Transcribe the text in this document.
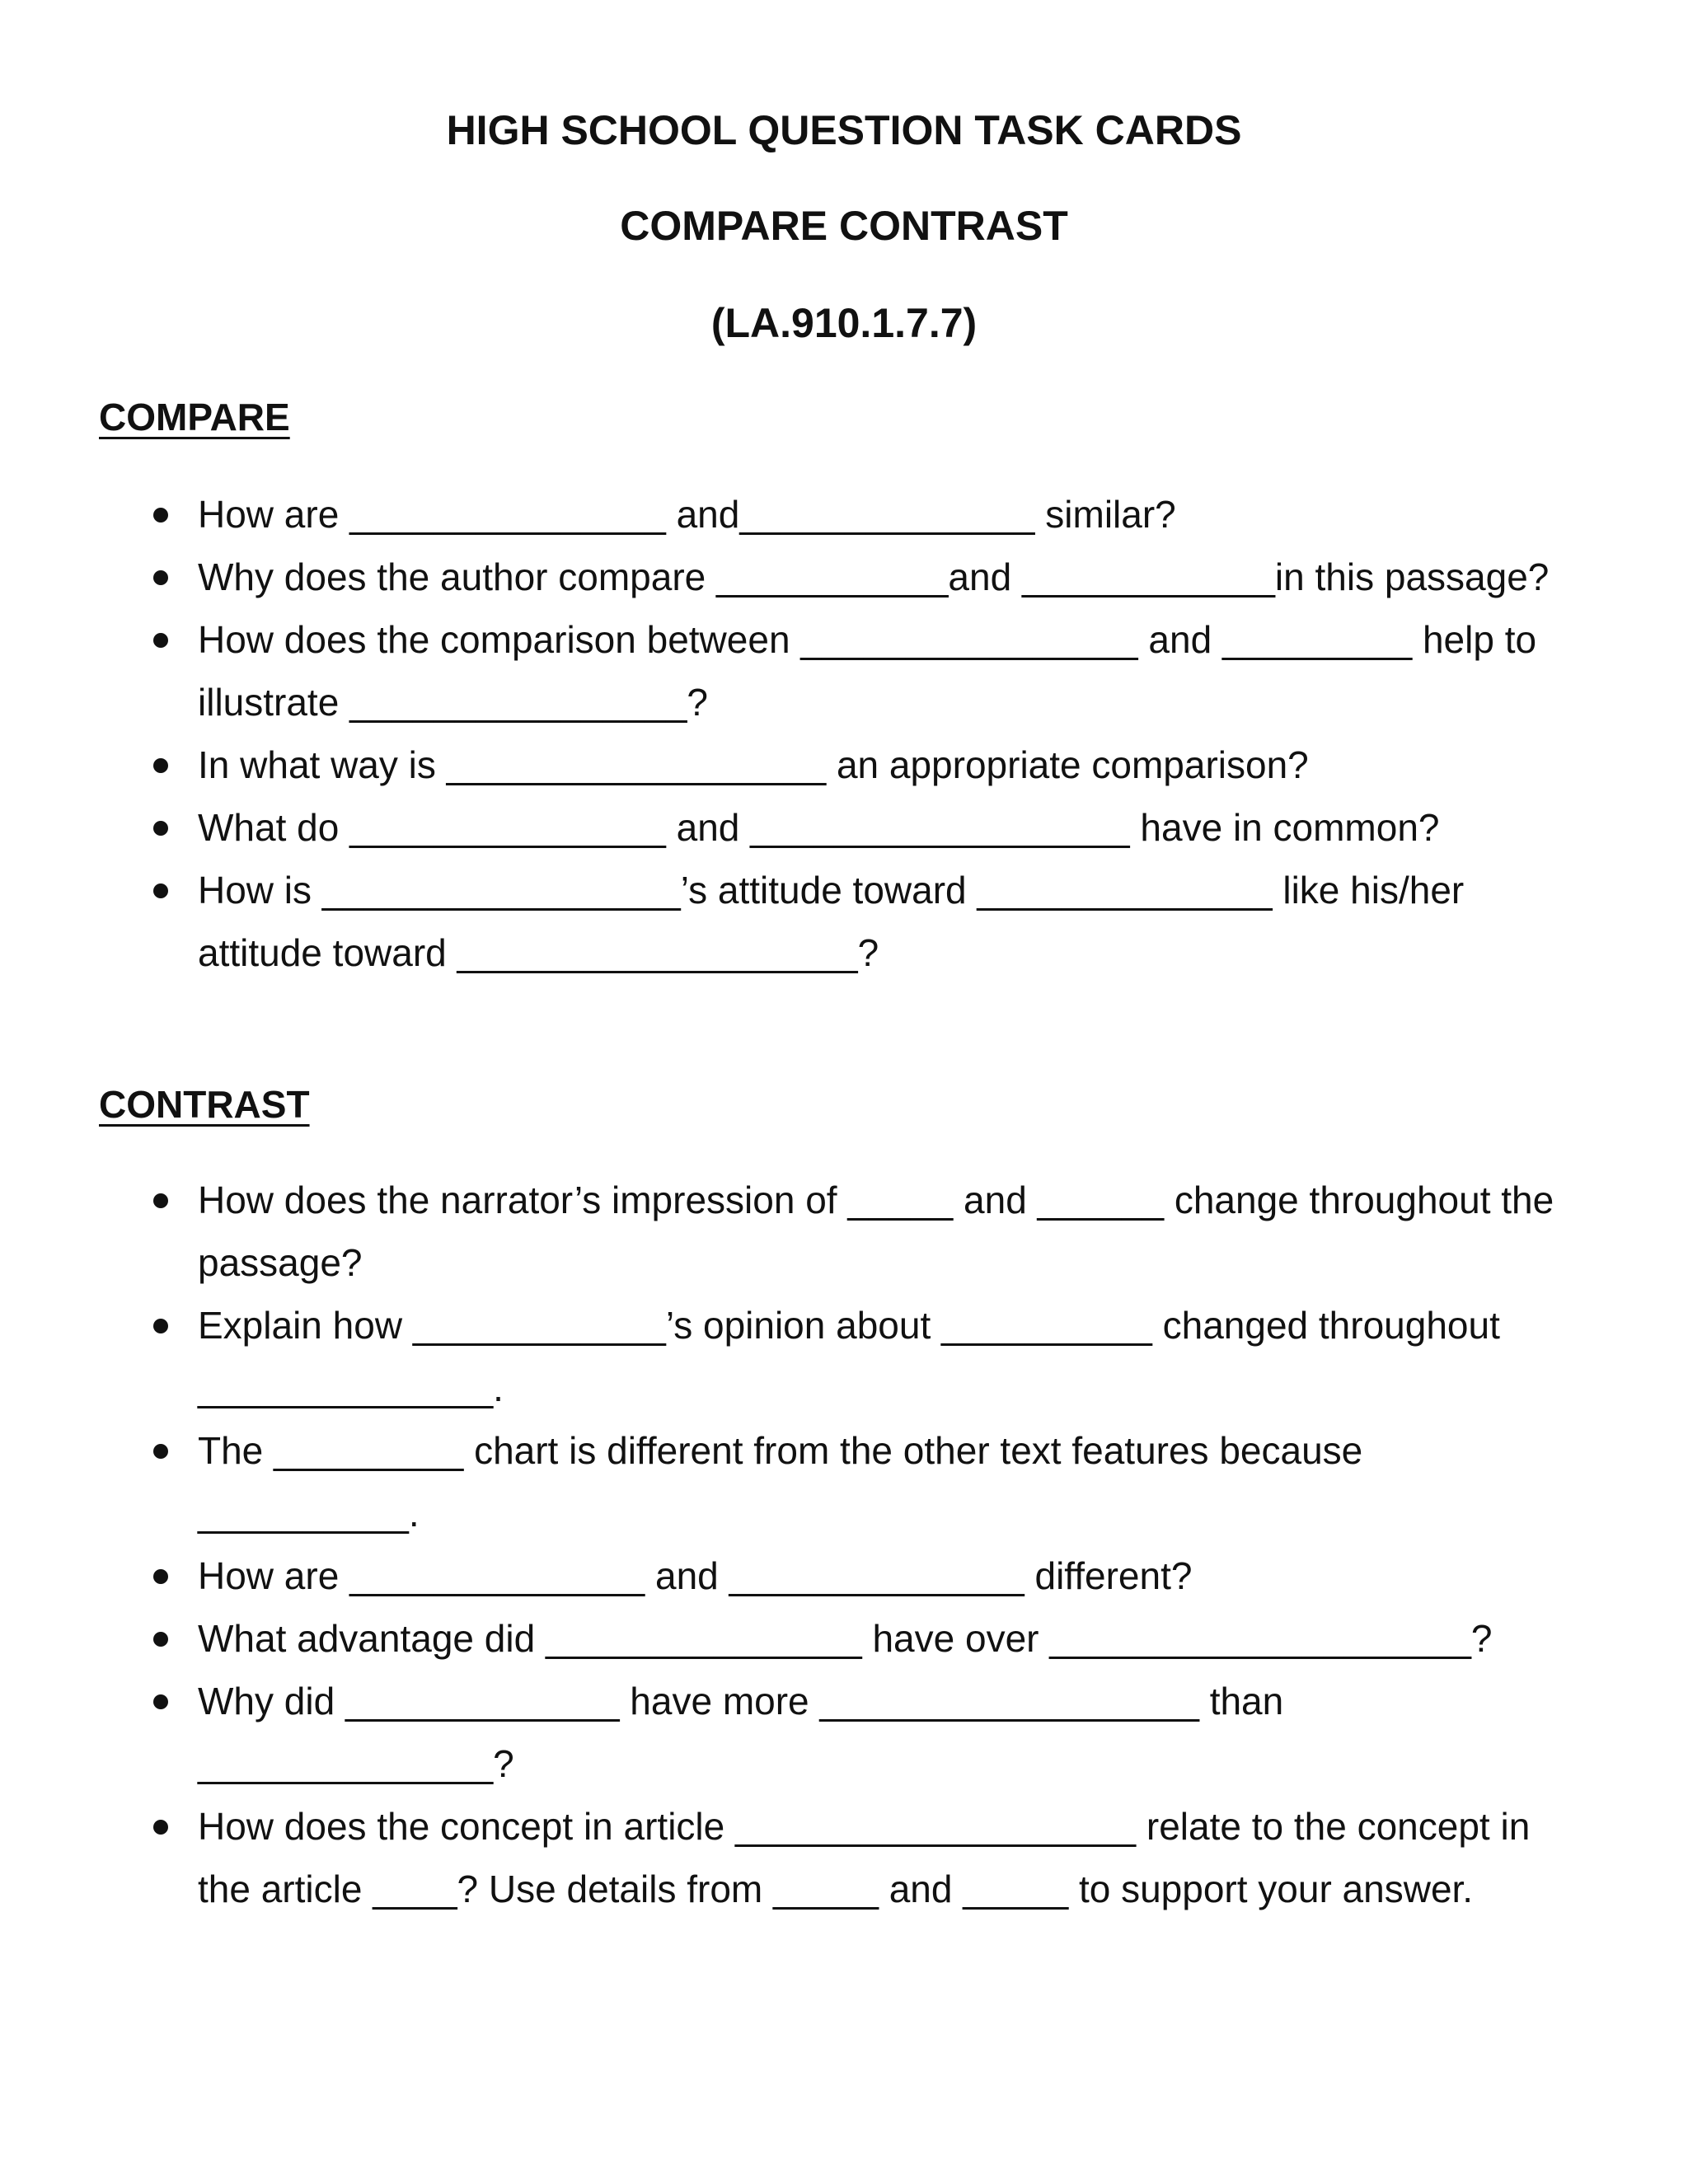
HIGH SCHOOL QUESTION TASK CARDS
COMPARE CONTRAST
(LA.910.1.7.7)
COMPARE
How are _______________ and______________ similar?
Why does the author compare ___________and ____________in this passage?
How does the comparison between ________________ and _________ help to illustrate ________________?
In what way is __________________ an appropriate comparison?
What do _______________ and __________________ have in common?
How is _________________’s attitude toward ______________ like his/her attitude toward ___________________?
CONTRAST
How does the narrator’s impression of _____ and ______ change throughout the passage?
Explain how ____________’s opinion about __________ changed throughout ______________.
The _________ chart is different from the other text features because __________.
How are ______________ and ______________ different?
What advantage did _______________ have over ____________________?
Why did _____________ have more __________________ than ______________?
How does the concept in article ___________________ relate to the concept in the article ____? Use details from _____ and _____ to support your answer.
